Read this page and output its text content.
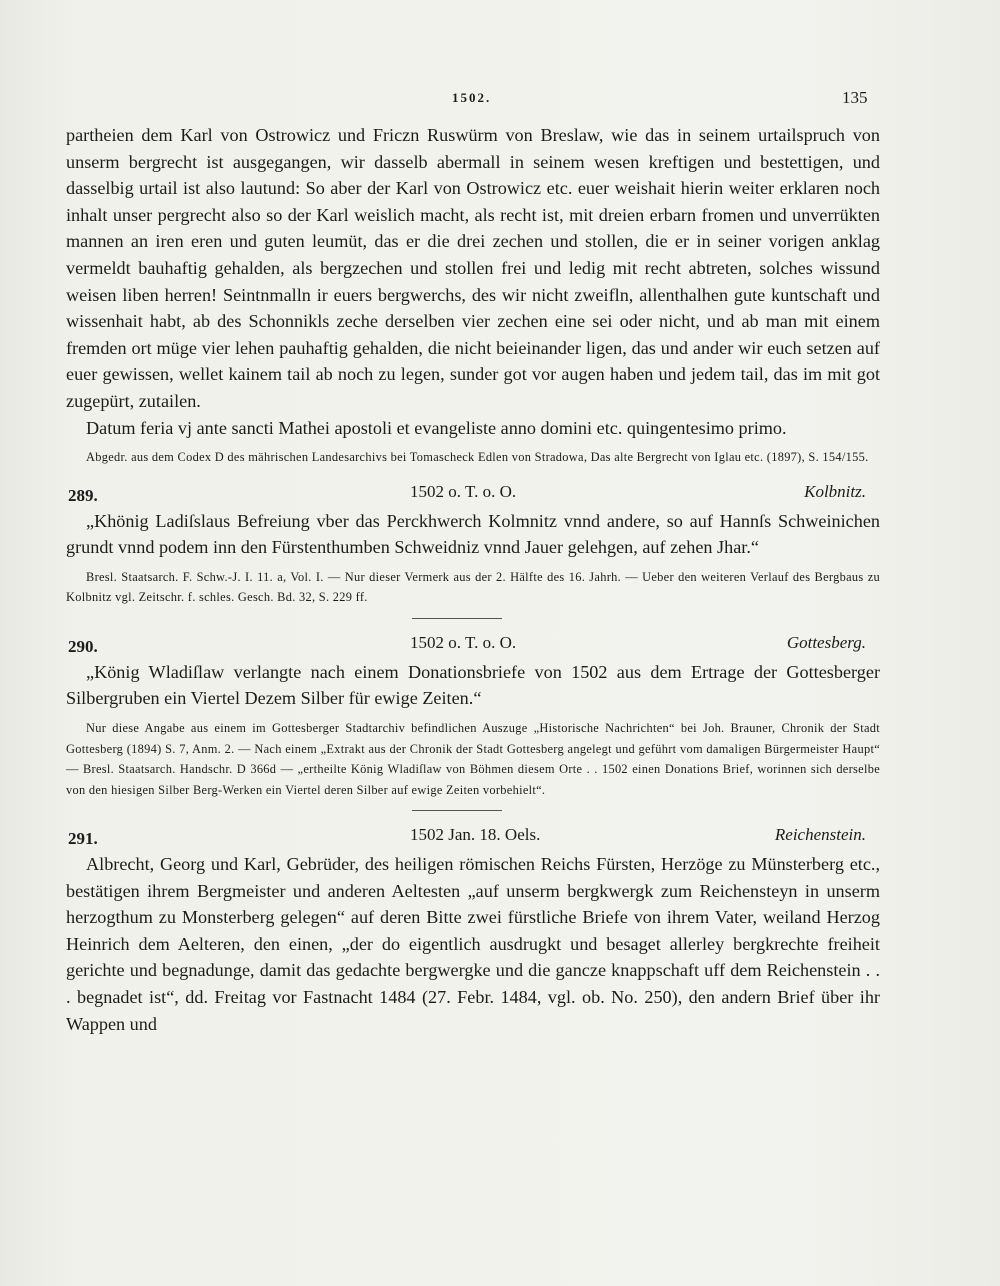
1502.	135

partheien dem Karl von Ostrowicz und Friczn Ruswürm von Breslaw, wie das in seinem urtailspruch von unserm bergrecht ist ausgegangen, wir dasselb abermall in seinem wesen kreftigen und bestettigen, und dasselbig urtail ist also lautund: So aber der Karl von Ostrowicz etc. euer weishait hierin weiter erklaren noch inhalt unser pergrecht also so der Karl weislich macht, als recht ist, mit dreien erbarn fromen und unverrükten mannen an iren eren und guten leumüt, das er die drei zechen und stollen, die er in seiner vorigen anklag vermeldt bauhaftig gehalden, als bergzechen und stollen frei und ledig mit recht abtreten, solches wissund weisen liben herren! Seintnmalln ir euers bergwerchs, des wir nicht zweifln, allenthalhen gute kuntschaft und wissenhait habt, ab des Schonnikls zeche derselben vier zechen eine sei oder nicht, und ab man mit einem fremden ort müge vier lehen pauhaftig gehalden, die nicht beieinander ligen, das und ander wir euch setzen auf euer gewissen, wellet kainem tail ab noch zu legen, sunder got vor augen haben und jedem tail, das im mit got zugepürt, zutailen.

Datum feria vj ante sancti Mathei apostoli et evangeliste anno domini etc. quingentesimo primo.

Abgedr. aus dem Codex D des mährischen Landesarchivs bei Tomascheck Edlen von Stradowa, Das alte Bergrecht von Iglau etc. (1897), S. 154/155.

289.	1502 o. T. o. O.	Kolbnitz.

„Khönig Ladiſslaus Befreiung vber das Perckhwerch Kolmnitz vnnd andere, so auf Hannſs Schweinichen grundt vnnd podem inn den Fürstenthumben Schweidniz vnnd Jauer gelehgen, auf zehen Jhar.“

Bresl. Staatsarch. F. Schw.-J. I. 11. a, Vol. I. — Nur dieser Vermerk aus der 2. Hälfte des 16. Jahrh. — Ueber den weiteren Verlauf des Bergbaus zu Kolbnitz vgl. Zeitschr. f. schles. Gesch. Bd. 32, S. 229 ff.

290.	1502 o. T. o. O.	Gottesberg.

„König Wladiſlaw verlangte nach einem Donationsbriefe von 1502 aus dem Ertrage der Gottesberger Silbergruben ein Viertel Dezem Silber für ewige Zeiten.“

Nur diese Angabe aus einem im Gottesberger Stadtarchiv befindlichen Auszuge „Historische Nachrichten“ bei Joh. Brauner, Chronik der Stadt Gottesberg (1894) S. 7, Anm. 2. — Nach einem „Extrakt aus der Chronik der Stadt Gottesberg angelegt und geführt vom damaligen Bürgermeister Haupt“ — Bresl. Staatsarch. Handschr. D 366d — „ertheilte König Wladiſlaw von Böhmen diesem Orte . . 1502 einen Donations Brief, worinnen sich derselbe von den hiesigen Silber Berg-Werken ein Viertel deren Silber auf ewige Zeiten vorbehielt“.

291.	1502 Jan. 18. Oels.	Reichenstein.

Albrecht, Georg und Karl, Gebrüder, des heiligen römischen Reichs Fürsten, Herzöge zu Münsterberg etc., bestätigen ihrem Bergmeister und anderen Aeltesten „auf unserm bergkwergk zum Reichensteyn in unserm herzogthum zu Monsterberg gelegen“ auf deren Bitte zwei fürstliche Briefe von ihrem Vater, weiland Herzog Heinrich dem Aelteren, den einen, „der do eigentlich ausdrugkt und besaget allerley bergkrechte freiheit gerichte und begnadunge, damit das gedachte bergwergke und die gancze knappschaft uff dem Reichenstein . . . begnadet ist“, dd. Freitag vor Fastnacht 1484 (27. Febr. 1484, vgl. ob. No. 250), den andern Brief über ihr Wappen und
